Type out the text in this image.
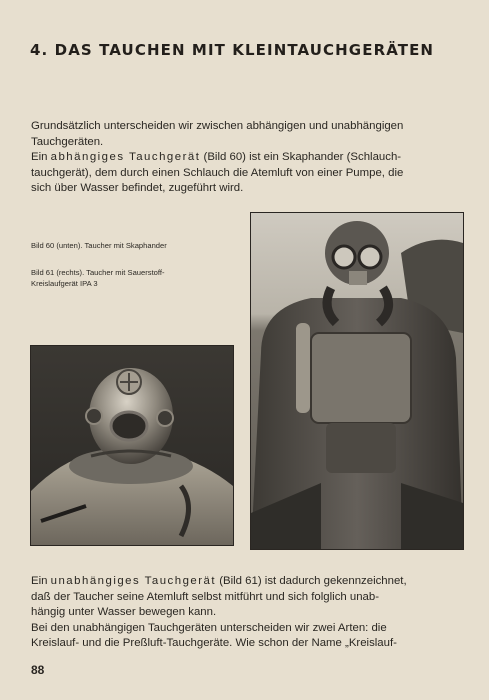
4. DAS TAUCHEN MIT KLEINTAUCHGERÄTEN

Grundsätzlich unterscheiden wir zwischen abhängigen und unabhängigen
Tauchgeräten.
Ein abhängiges Tauchgerät (Bild 60) ist ein Skaphander (Schlauch-
tauchgerät), dem durch einen Schlauch die Atemluft von einer Pumpe, die
sich über Wasser befindet, zugeführt wird.

Bild 60 (unten). Taucher mit Skaphander
Bild 61 (rechts). Taucher mit Sauerstoff-
Kreislaufgerät IPA 3

Ein unabhängiges Tauchgerät (Bild 61) ist dadurch gekennzeichnet,
daß der Taucher seine Atemluft selbst mitführt und sich folglich unab-
hängig unter Wasser bewegen kann.
Bei den unabhängigen Tauchgeräten unterscheiden wir zwei Arten: die
Kreislauf- und die Preßluft-Tauchgeräte. Wie schon der Name „Kreislauf-

88
